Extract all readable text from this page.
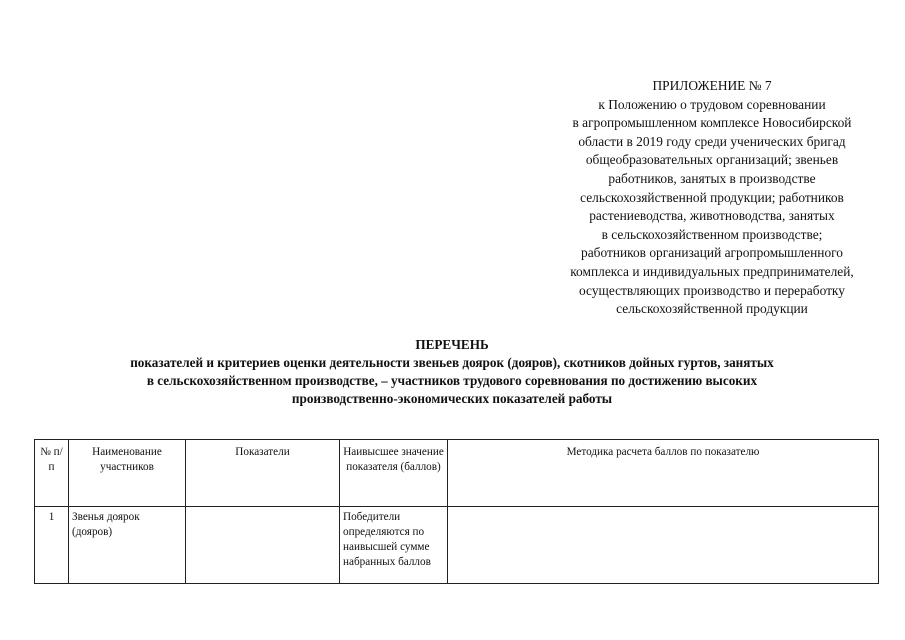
ПРИЛОЖЕНИЕ № 7
к Положению о трудовом соревновании
в агропромышленном комплексе Новосибирской
области в 2019 году среди ученических бригад
общеобразовательных организаций; звеньев
работников, занятых в производстве
сельскохозяйственной продукции; работников
растениеводства, животноводства, занятых
в сельскохозяйственном производстве;
работников организаций агропромышленного
комплекса и индивидуальных предпринимателей,
осуществляющих производство и переработку
сельскохозяйственной продукции
ПЕРЕЧЕНЬ
показателей и критериев оценки деятельности звеньев доярок (дояров), скотников дойных гуртов, занятых
в сельскохозяйственном производстве, – участников трудового соревнования по достижению высоких
производственно-экономических показателей работы
№ п/п	Наименование участников	Показатели	Наивысшее значение показателя (баллов)	Методика расчета баллов по показателю
1	Звенья доярок (дояров)		Победители определяются по наивысшей сумме набранных баллов	
